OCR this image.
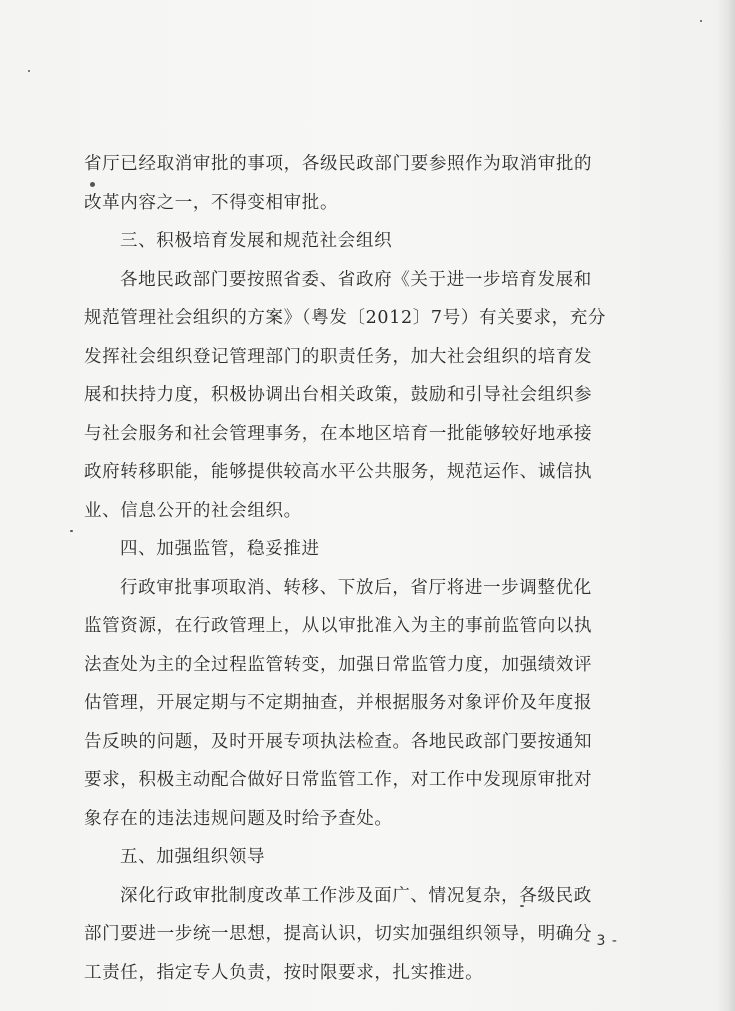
省厅已经取消审批的事项，各级民政部门要参照作为取消审批的
改革内容之一，不得变相审批。
三、积极培育发展和规范社会组织
各地民政部门要按照省委、省政府《关于进一步培育发展和
规范管理社会组织的方案》（粤发〔2012〕7号）有关要求，充分
发挥社会组织登记管理部门的职责任务，加大社会组织的培育发
展和扶持力度，积极协调出台相关政策，鼓励和引导社会组织参
与社会服务和社会管理事务，在本地区培育一批能够较好地承接
政府转移职能，能够提供较高水平公共服务，规范运作、诚信执
业、信息公开的社会组织。
四、加强监管，稳妥推进
行政审批事项取消、转移、下放后，省厅将进一步调整优化
监管资源，在行政管理上，从以审批准入为主的事前监管向以执
法查处为主的全过程监管转变，加强日常监管力度，加强绩效评
估管理，开展定期与不定期抽查，并根据服务对象评价及年度报
告反映的问题，及时开展专项执法检查。各地民政部门要按通知
要求，积极主动配合做好日常监管工作，对工作中发现原审批对
象存在的违法违规问题及时给予查处。
五、加强组织领导
深化行政审批制度改革工作涉及面广、情况复杂，各级民政
部门要进一步统一思想，提高认识，切实加强组织领导，明确分
工责任，指定专人负责，按时限要求，扎实推进。
- 3 -
